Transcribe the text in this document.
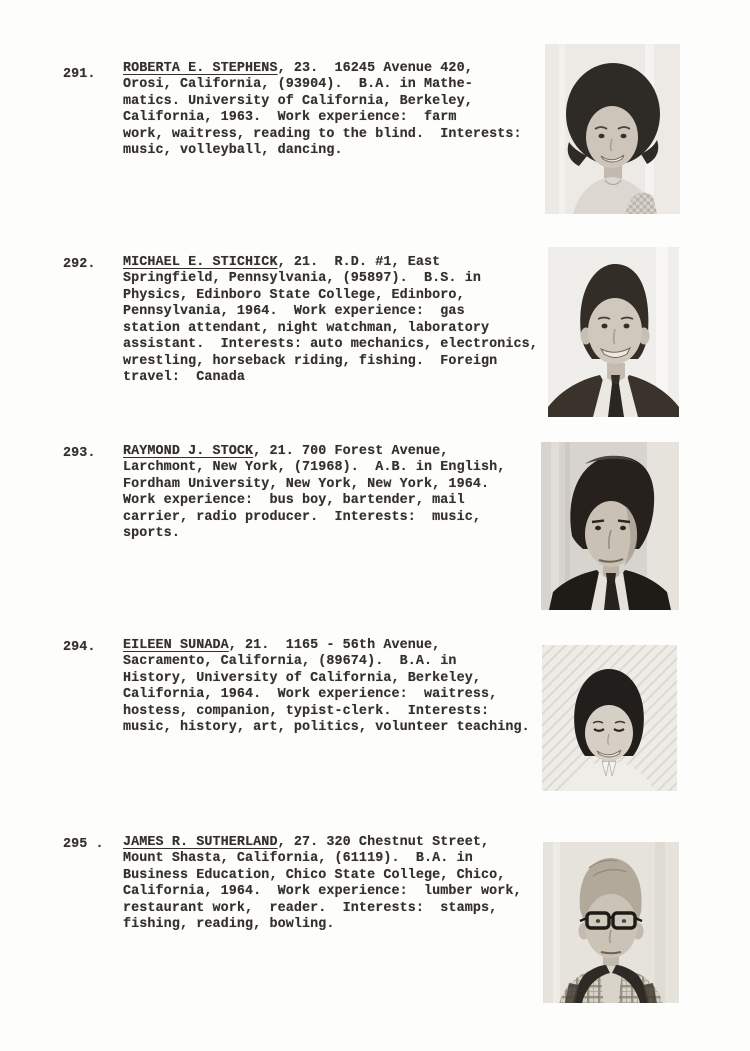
291. ROBERTA E. STEPHENS, 23.  16245 Avenue 420,
Orosi, California, (93904).  B.A. in Mathe-
matics. University of California, Berkeley,
California, 1963.  Work experience:  farm
work, waitress, reading to the blind.  Interests:
music, volleyball, dancing.
292. MICHAEL E. STICHICK, 21.  R.D. #1, East
Springfield, Pennsylvania, (95897).  B.S. in
Physics, Edinboro State College, Edinboro,
Pennsylvania, 1964.  Work experience:  gas
station attendant, night watchman, laboratory
assistant.  Interests: auto mechanics, electronics,
wrestling, horseback riding, fishing.  Foreign
travel:  Canada
293. RAYMOND J. STOCK, 21. 700 Forest Avenue,
Larchmont, New York, (71968).  A.B. in English,
Fordham University, New York, New York, 1964.
Work experience:  bus boy, bartender, mail
carrier, radio producer.  Interests:  music,
sports.
294. EILEEN SUNADA, 21.  1165 - 56th Avenue,
Sacramento, California, (89674).  B.A. in
History, University of California, Berkeley,
California, 1964.  Work experience:  waitress,
hostess, companion, typist-clerk.  Interests:
music, history, art, politics, volunteer teaching.
295 . JAMES R. SUTHERLAND, 27. 320 Chestnut Street,
Mount Shasta, California, (61119).  B.A. in
Business Education, Chico State College, Chico,
California, 1964.  Work experience:  lumber work,
restaurant work,  reader.  Interests:  stamps,
fishing, reading, bowling.
